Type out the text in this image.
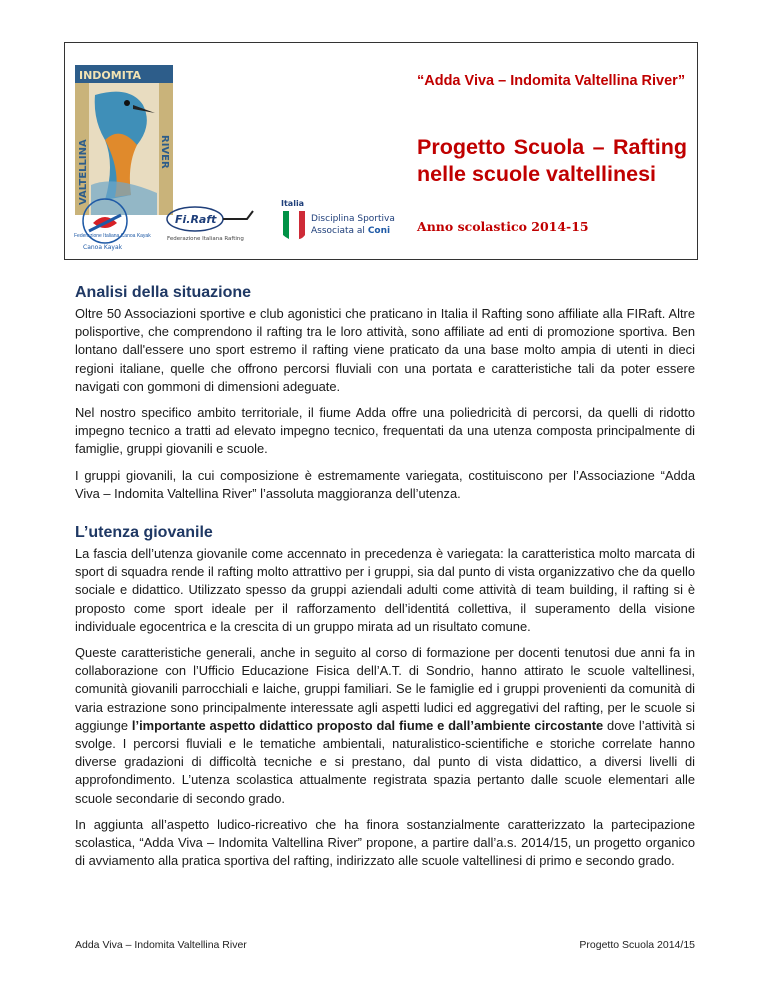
INDOMITA
VALTELLINA	RIVER
Canoa Kayak
Fi.Raft
Federazione Italiana Rafting
Italia
Disciplina Sportiva
Associata al Coni

“Adda Viva – Indomita Valtellina River”

Progetto Scuola – Rafting nelle scuole valtellinesi

Anno scolastico 2014-15

Analisi della situazione

Oltre 50 Associazioni sportive e club agonistici che praticano in Italia il Rafting sono affiliate alla FIRaft. Altre polisportive, che comprendono il rafting tra le loro attività, sono affiliate ad enti di promozione sportiva. Ben lontano dall'essere uno sport estremo il rafting viene praticato da una base molto ampia di utenti in dieci regioni italiane, quelle che offrono percorsi fluviali con una portata e caratteristiche tali da poter essere navigati con gommoni di dimensioni adeguate.

Nel nostro specifico ambito territoriale, il fiume Adda offre una poliedricità di percorsi, da quelli di ridotto impegno tecnico a tratti ad elevato impegno tecnico, frequentati da una utenza composta principalmente di famiglie, gruppi giovanili e scuole.

I gruppi giovanili, la cui composizione è estremamente variegata, costituiscono per l’Associazione “Adda Viva – Indomita Valtellina River” l’assoluta maggioranza dell’utenza.

L’utenza giovanile

La fascia dell’utenza giovanile come accennato in precedenza è variegata: la caratteristica molto marcata di sport di squadra rende il rafting molto attrattivo per i gruppi, sia dal punto di vista organizzativo che da quello sociale e didattico. Utilizzato spesso da gruppi aziendali adulti come attività di team building, il rafting si è proposto come sport ideale per il rafforzamento dell’identitá collettiva, il superamento della visione individuale egocentrica e la crescita di un gruppo mirata ad un risultato comune.

Queste caratteristiche generali, anche in seguito al corso di formazione per docenti tenutosi due anni fa in collaborazione con l’Ufficio Educazione Fisica dell’A.T. di Sondrio, hanno attirato le scuole valtellinesi, comunità giovanili parrocchiali e laiche, gruppi familiari. Se le famiglie ed i gruppi provenienti da comunità di varia estrazione sono principalmente interessate agli aspetti ludici ed aggregativi del rafting, per le scuole si aggiunge l’importante aspetto didattico proposto dal fiume e dall’ambiente circostante dove l’attività si svolge. I percorsi fluviali e le tematiche ambientali, naturalistico-scientifiche e storiche correlate hanno diverse gradazioni di difficoltà tecniche e si prestano, dal punto di vista didattico, a diversi livelli di approfondimento. L’utenza scolastica attualmente registrata spazia pertanto dalle scuole elementari alle scuole secondarie di secondo grado.

In aggiunta all’aspetto ludico-ricreativo che ha finora sostanzialmente caratterizzato la partecipazione scolastica, “Adda Viva – Indomita Valtellina River” propone, a partire dall’a.s. 2014/15, un progetto organico di avviamento alla pratica sportiva del rafting, indirizzato alle scuole valtellinesi di primo e secondo grado.

Adda Viva – Indomita Valtellina River	Progetto Scuola 2014/15
Federazione Italiana Canoa Kayak
